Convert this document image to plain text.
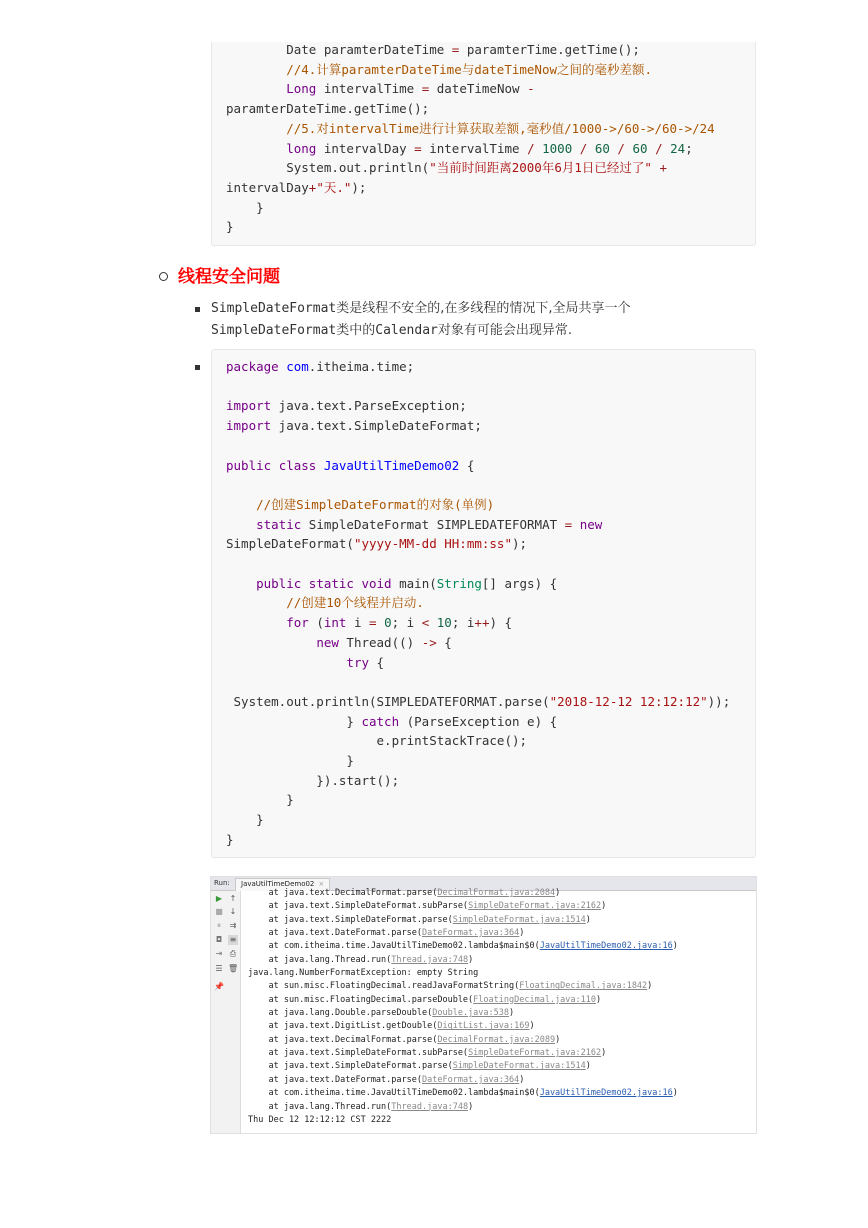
Date paramterDateTime = paramterTime.getTime();
//4.计算paramterDateTime与dateTimeNow之间的毫秒差额.
Long intervalTime = dateTimeNow -
paramterDateTime.getTime();
//5.对intervalTime进行计算获取差额,毫秒值/1000->/60->/60->/24
long intervalDay = intervalTime / 1000 / 60 / 60 / 24;
System.out.println("当前时间距离2000年6月1日已经过了" +
intervalDay+"天.");
}
}
线程安全问题

SimpleDateFormat类是线程不安全的,在多线程的情况下,全局共享一个
SimpleDateFormat类中的Calendar对象有可能会出现异常.

package com.itheima.time;

import java.text.ParseException;
import java.text.SimpleDateFormat;

public class JavaUtilTimeDemo02 {

//创建SimpleDateFormat的对象(单例)
static SimpleDateFormat SIMPLEDATEFORMAT = new
SimpleDateFormat("yyyy-MM-dd HH:mm:ss");

public static void main(String[] args) {
//创建10个线程并启动.
for (int i = 0; i < 10; i++) {
new Thread(() -> {
try {

System.out.println(SIMPLEDATEFORMAT.parse("2018-12-12 12:12:12"));
} catch (ParseException e) {
e.printStackTrace();
}
}).start();
}
}
}
Run:	JavaUtilTimeDemo02 ×
▶ ↑
■ ↓
⏸	⇉
◘ ≡
⇥ ⎙
☰ 🗑
📌
at java.text.DecimalFormat.parse(DecimalFormat.java:2084)
at java.text.SimpleDateFormat.subParse(SimpleDateFormat.java:2162)
at java.text.SimpleDateFormat.parse(SimpleDateFormat.java:1514)
at java.text.DateFormat.parse(DateFormat.java:364)
at com.itheima.time.JavaUtilTimeDemo02.lambda$main$0(JavaUtilTimeDemo02.java:16)
at java.lang.Thread.run(Thread.java:748)
java.lang.NumberFormatException: empty String
at sun.misc.FloatingDecimal.readJavaFormatString(FloatingDecimal.java:1842)
at sun.misc.FloatingDecimal.parseDouble(FloatingDecimal.java:110)
at java.lang.Double.parseDouble(Double.java:538)
at java.text.DigitList.getDouble(DigitList.java:169)
at java.text.DecimalFormat.parse(DecimalFormat.java:2089)
at java.text.SimpleDateFormat.subParse(SimpleDateFormat.java:2162)
at java.text.SimpleDateFormat.parse(SimpleDateFormat.java:1514)
at java.text.DateFormat.parse(DateFormat.java:364)
at com.itheima.time.JavaUtilTimeDemo02.lambda$main$0(JavaUtilTimeDemo02.java:16)
at java.lang.Thread.run(Thread.java:748)
Thu Dec 12 12:12:12 CST 2222
